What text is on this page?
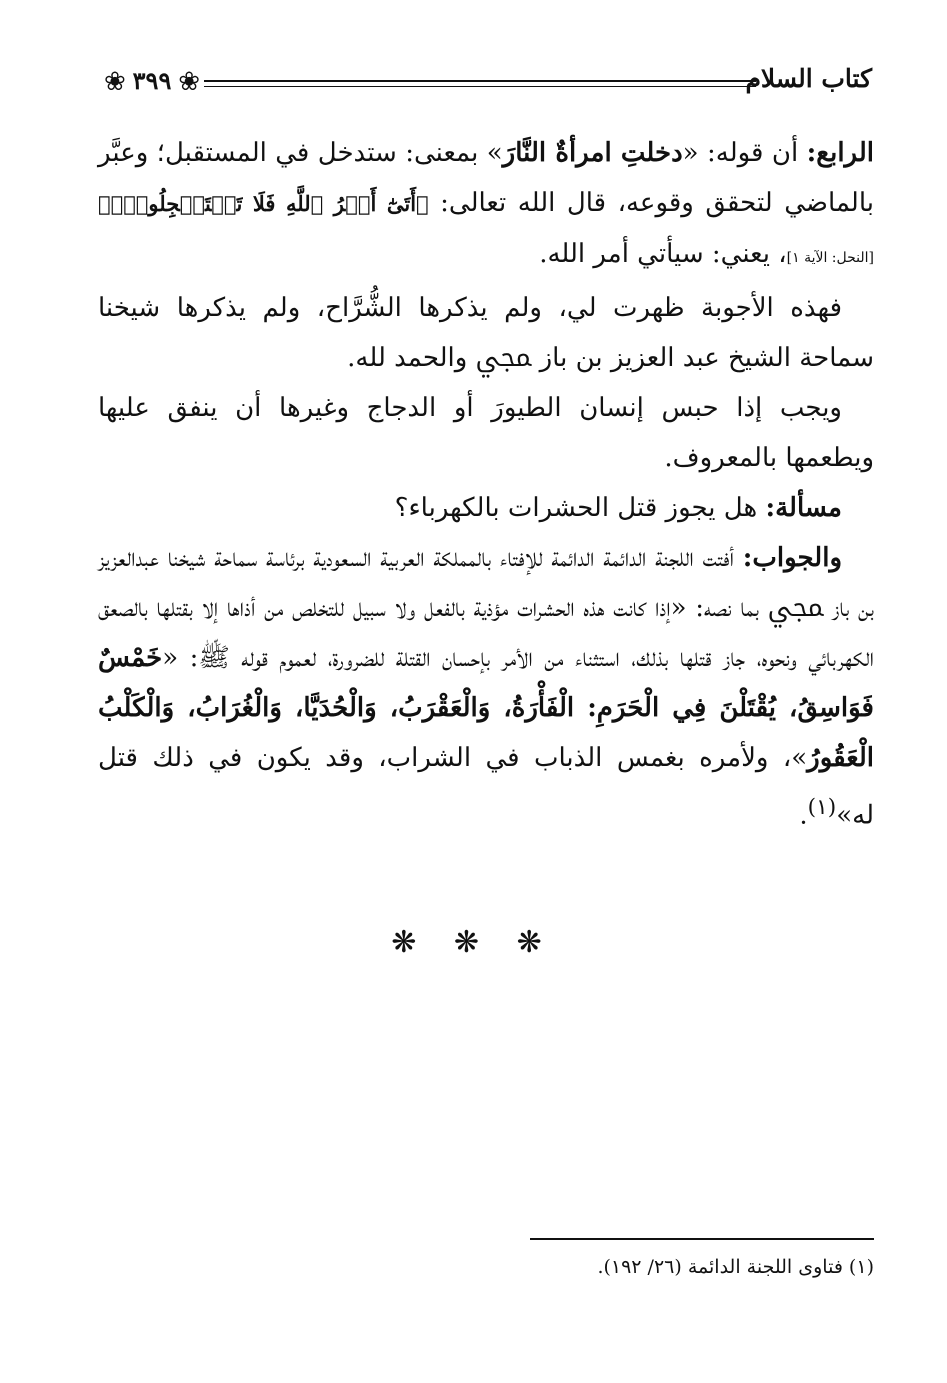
❀ ٣٩٩ ❀	كتاب السلام

الرابع: أن قوله: «دخلتِ امرأةٌ النَّارَ» بمعنى: ستدخل في المستقبل؛ وعبَّر بالماضي لتحقق وقوعه، قال الله تعالى: ﴿أَتَىٰٓ أَمۡرُ ٱللَّهِ فَلَا تَسۡتَعۡجِلُوهُۚ﴾[النحل: الآية ١]، يعني: سيأتي أمر الله.

فهذه الأجوبة ظهرت لي، ولم يذكرها الشُّرَّاح، ولم يذكرها شيخنا سماحة الشيخ عبد العزيز بن باز ﷀ والحمد لله.

ويجب إذا حبس إنسان الطيورَ أو الدجاج وغيرها أن ينفق عليها ويطعمها بالمعروف.

مسألة: هل يجوز قتل الحشرات بالكهرباء؟

والجواب: أفتت اللجنة الدائمة الدائمة للإفتاء بالمملكة العربية السعودية برئاسة سماحة شيخنا عبدالعزيز بن باز ﷀ بما نصه: «إذا كانت هذه الحشرات مؤذية بالفعل ولا سبيل للتخلص من أذاها إلا بقتلها بالصعق الكهربائي ونحوه، جاز قتلها بذلك، استثناء من الأمر بإحسان القتلة للضرورة، لعموم قوله ﷺ: «خَمْسٌ فَوَاسِقُ، يُقْتَلْنَ فِي الْحَرَمِ: الْفَأْرَةُ، وَالْعَقْرَبُ، وَالْحُدَيَّا، وَالْغُرَابُ، وَالْكَلْبُ الْعَقُورُ»، ولأمره بغمس الذباب في الشراب، وقد يكون في ذلك قتل له»$^{(١)}$.

❋ ❋ ❋
(١) فتاوى اللجنة الدائمة (٢٦/ ١٩٢).
